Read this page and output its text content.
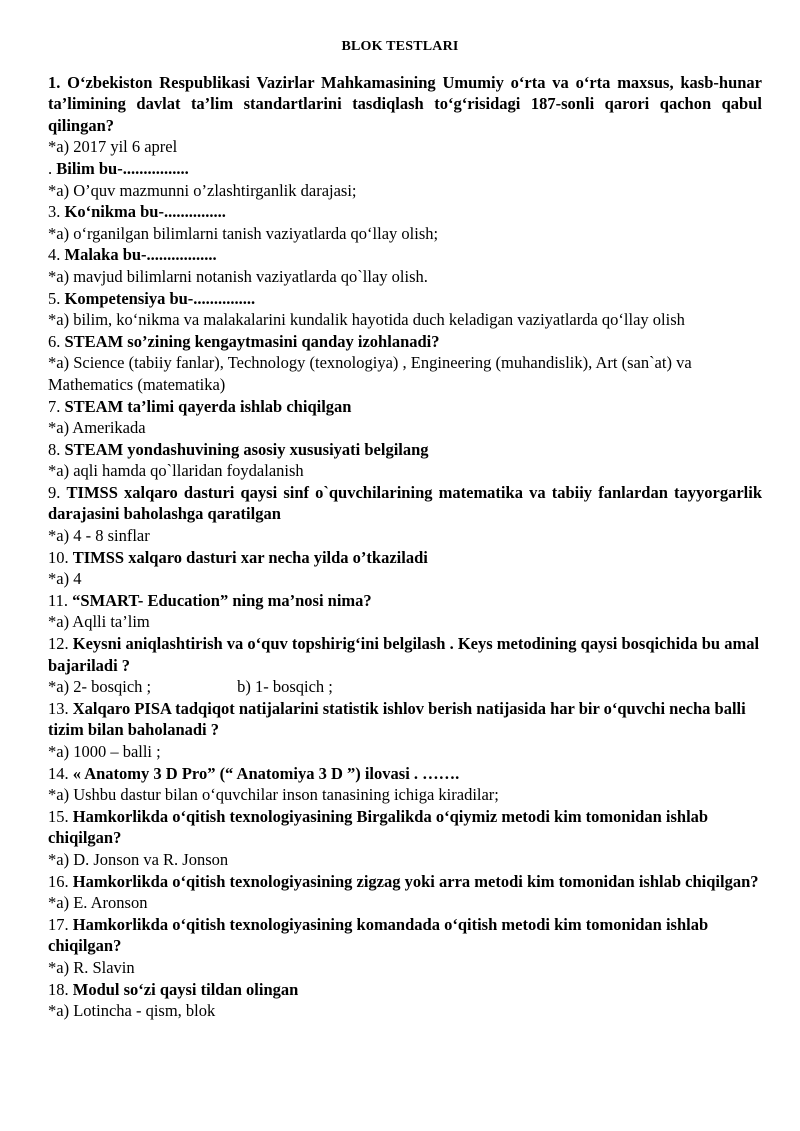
BLOK TESTLARI

1. O‘zbekiston Respublikasi Vazirlar Mahkamasining Umumiy o‘rta va o‘rta maxsus, kasb-hunar ta’limining davlat ta’lim standartlarini tasdiqlash to‘g‘risidagi 187-sonli qarori qachon qabul qilingan?

*a) 2017 yil 6 aprel

. Bilim bu-................

*a) O’quv mazmunni o’zlashtirganlik darajasi;

3. Ko‘nikma bu-...............

*a) o‘rganilgan bilimlarni tanish vaziyatlarda qo‘llay olish;

4. Malaka bu-.................

*a) mavjud bilimlarni notanish vaziyatlarda qo`llay olish.

5. Kompetensiya bu-...............

*a) bilim, ko‘nikma va malakalarini kundalik hayotida duch keladigan vaziyatlarda qo‘llay olish

6. STEAM so’zining kengaytmasini qanday izohlanadi?

*a) Science (tabiiy fanlar), Technology (texnologiya) , Engineering (muhandislik), Art (san`at) va Mathematics (matematika)

7. STEAM ta’limi qayerda ishlab chiqilgan

*a) Amerikada

8. STEAM yondashuvining asosiy xususiyati belgilang

*a) aqli hamda qo`llaridan foydalanish

9. TIMSS xalqaro dasturi qaysi sinf o`quvchilarining matematika va tabiiy fanlardan tayyorgarlik darajasini baholashga qaratilgan

*a) 4 - 8 sinflar

10. TIMSS xalqaro dasturi xar necha yilda o’tkaziladi

*a) 4

11. “SMART- Education” ning ma’nosi nima?

*a) Aqlli ta’lim

12. Keysni aniqlashtirish va o‘quv topshirig‘ini belgilash . Keys metodining qaysi bosqichida bu amal bajariladi ?

*a) 2- bosqich ;	b) 1- bosqich ;

13. Xalqaro PISA tadqiqot natijalarini statistik ishlov berish natijasida har bir o‘quvchi necha balli tizim bilan baholanadi ?

*a) 1000 – balli ;

14. « Anatomy 3 D Pro” (“ Anatomiya 3 D ”) ilovasi . …….

*a) Ushbu dastur bilan o‘quvchilar inson tanasining ichiga kiradilar;

15. Hamkorlikda o‘qitish texnologiyasining Birgalikda o‘qiymiz metodi kim tomonidan ishlab chiqilgan?

*a) D. Jonson va R. Jonson

16. Hamkorlikda o‘qitish texnologiyasining zigzag yoki arra metodi kim tomonidan ishlab chiqilgan?

*a) E. Aronson

17. Hamkorlikda o‘qitish texnologiyasining komandada o‘qitish metodi kim tomonidan ishlab chiqilgan?

*a) R. Slavin

18. Modul so‘zi qaysi tildan olingan

*a) Lotincha - qism, blok
